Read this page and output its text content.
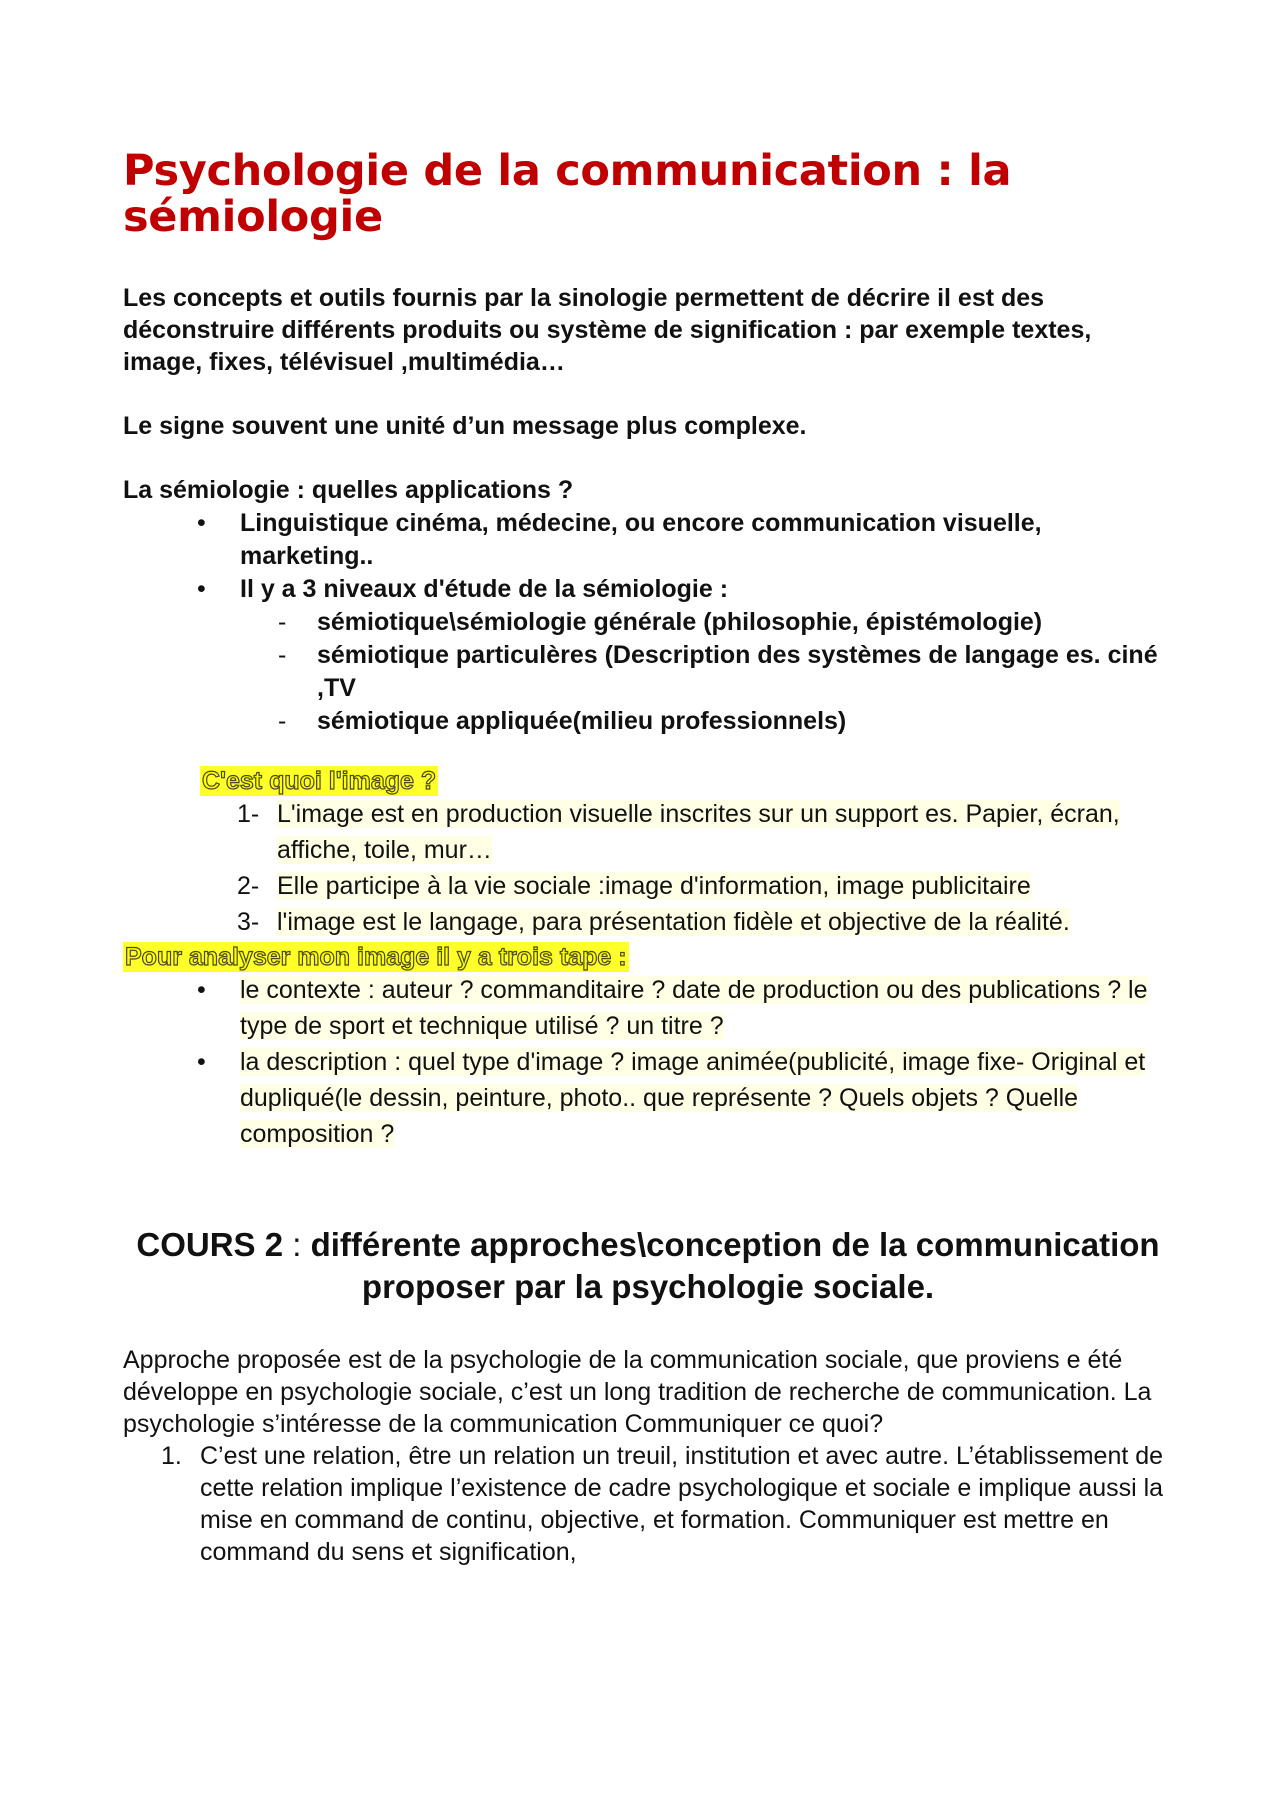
Psychologie de la communication : la sémiologie

Les concepts et outils fournis par la sinologie permettent de décrire il est des déconstruire différents produits ou système de signification : par exemple textes, image, fixes, télévisuel ,multimédia…

Le signe souvent une unité d’un message plus complexe.

La sémiologie : quelles applications ?

• Linguistique cinéma, médecine, ou encore communication visuelle, marketing..
• Il y a 3 niveaux d'étude de la sémiologie :
- sémiotique\sémiologie générale (philosophie, épistémologie)
- sémiotique particulères (Description des systèmes de langage es. ciné ,TV
- sémiotique appliquée(milieu professionnels)
C'est quoi l'image ?
1- L'image est en production visuelle inscrites sur un support es. Papier, écran, affiche, toile, mur…
2- Elle participe à la vie sociale :image d'information, image publicitaire
3- l'image est le langage, para présentation fidèle et objective de la réalité.
Pour analyser mon image il y a trois tape :
• le contexte : auteur ? commanditaire ? date de production ou des publications ? le type de sport et technique utilisé ? un titre ?
• la description : quel type d'image ? image animée(publicité, image fixe- Original et dupliqué(le dessin, peinture, photo.. que représente ? Quels objets ? Quelle composition ?
COURS 2 : différente approches\conception de la communication proposer par la psychologie sociale.

Approche proposée est de la psychologie de la communication sociale, que proviens e été développe en psychologie sociale, c’est un long tradition de recherche de communication. La psychologie s’intéresse de la communication Communiquer ce quoi?

1. C’est une relation, être un relation un treuil, institution et avec autre. L’établissement de cette relation implique l’existence de cadre psychologique et sociale e implique aussi la mise en command de continu, objective, et formation. Communiquer est mettre en command du sens et signification,
